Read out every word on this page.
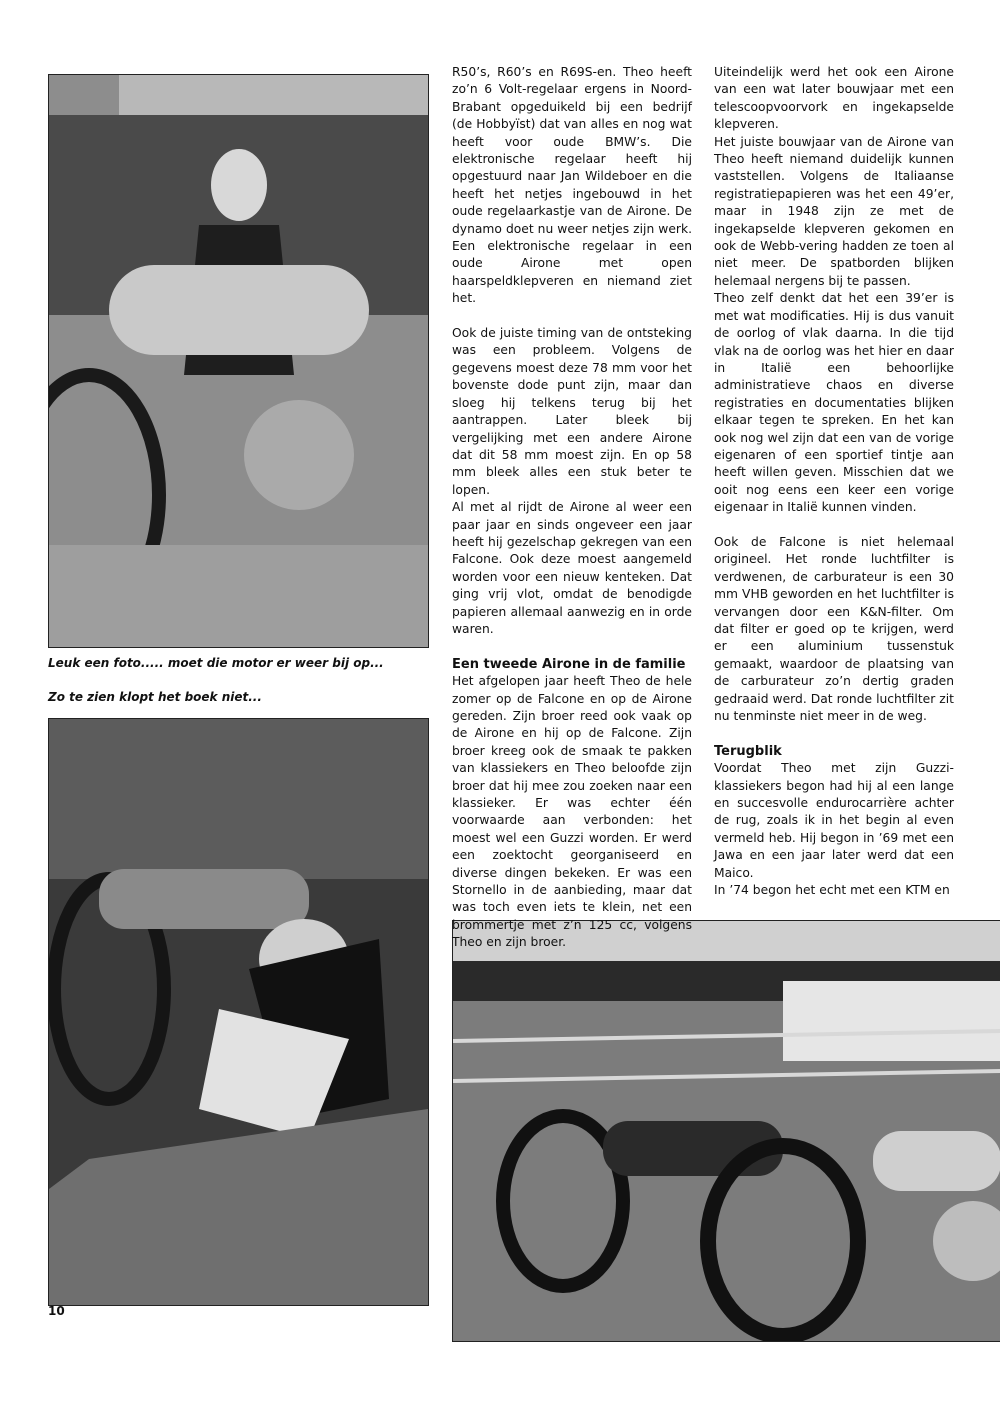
Leuk een foto..... moet die motor er weer bij op...
Zo te zien klopt het boek niet...

R50’s, R60’s en R69S-en. Theo heeft zo’n 6 Volt-regelaar ergens in Noord-Brabant opgeduikeld bij een bedrijf (de Hobbyïst) dat van alles en nog wat heeft voor oude BMW’s. Die elektronische regelaar heeft hij opgestuurd naar Jan Wildeboer en die heeft het netjes ingebouwd in het oude regelaarkastje van de Airone. De dynamo doet nu weer netjes zijn werk. Een elektronische regelaar in een oude Airone met open haarspeldklepveren en niemand ziet het.

Ook de juiste timing van de ontsteking was een probleem. Volgens de gegevens moest deze 78 mm voor het bovenste dode punt zijn, maar dan sloeg hij telkens terug bij het aantrappen. Later bleek bij vergelijking met een andere Airone dat dit 58 mm moest zijn. En op 58 mm bleek alles een stuk beter te lopen.

Al met al rijdt de Airone al weer een paar jaar en sinds ongeveer een jaar heeft hij gezelschap gekregen van een Falcone. Ook deze moest aangemeld worden voor een nieuw kenteken. Dat ging vrij vlot, omdat de benodigde papieren allemaal aanwezig en in orde waren.

Een tweede Airone in de familie

Het afgelopen jaar heeft Theo de hele zomer op de Falcone en op de Airone gereden. Zijn broer reed ook vaak op de Airone en hij op de Falcone. Zijn broer kreeg ook de smaak te pakken van klassiekers en Theo beloofde zijn broer dat hij mee zou zoeken naar een klassieker. Er was echter één voorwaarde aan verbonden: het moest wel een Guzzi worden. Er werd een zoektocht georganiseerd en diverse dingen bekeken. Er was een Stornello in de aanbieding, maar dat was toch even iets te klein, net een brommertje met z’n 125 cc, volgens Theo en zijn broer.

Uiteindelijk werd het ook een Airone van een wat later bouwjaar met een telescoopvoorvork en ingekapselde klepveren.

Het juiste bouwjaar van de Airone van Theo heeft niemand duidelijk kunnen vaststellen. Volgens de Italiaanse registratiepapieren was het een 49’er, maar in 1948 zijn ze met de ingekapselde klepveren gekomen en ook de Webb-vering hadden ze toen al niet meer. De spatborden blijken helemaal nergens bij te passen.

Theo zelf denkt dat het een 39’er is met wat modificaties. Hij is dus vanuit de oorlog of vlak daarna. In die tijd vlak na de oorlog was het hier en daar in Italië een behoorlijke administratieve chaos en diverse registraties en documentaties blijken elkaar tegen te spreken. En het kan ook nog wel zijn dat een van de vorige eigenaren of een sportief tintje aan heeft willen geven. Misschien dat we ooit nog eens een keer een vorige eigenaar in Italië kunnen vinden.

Ook de Falcone is niet helemaal origineel. Het ronde luchtfilter is verdwenen, de carburateur is een 30 mm VHB geworden en het luchtfilter is vervangen door een K&N-filter. Om dat filter er goed op te krijgen, werd er een aluminium tussenstuk gemaakt, waardoor de plaatsing van de carburateur zo’n dertig graden gedraaid werd. Dat ronde luchtfilter zit nu tenminste niet meer in de weg.

Terugblik

Voordat Theo met zijn Guzzi-klassiekers begon had hij al een lange en succesvolle endurocarrière achter de rug, zoals ik in het begin al even vermeld heb. Hij begon in ’69 met een Jawa en een jaar later werd dat een Maico.

In ’74 begon het echt met een KTM en

10
